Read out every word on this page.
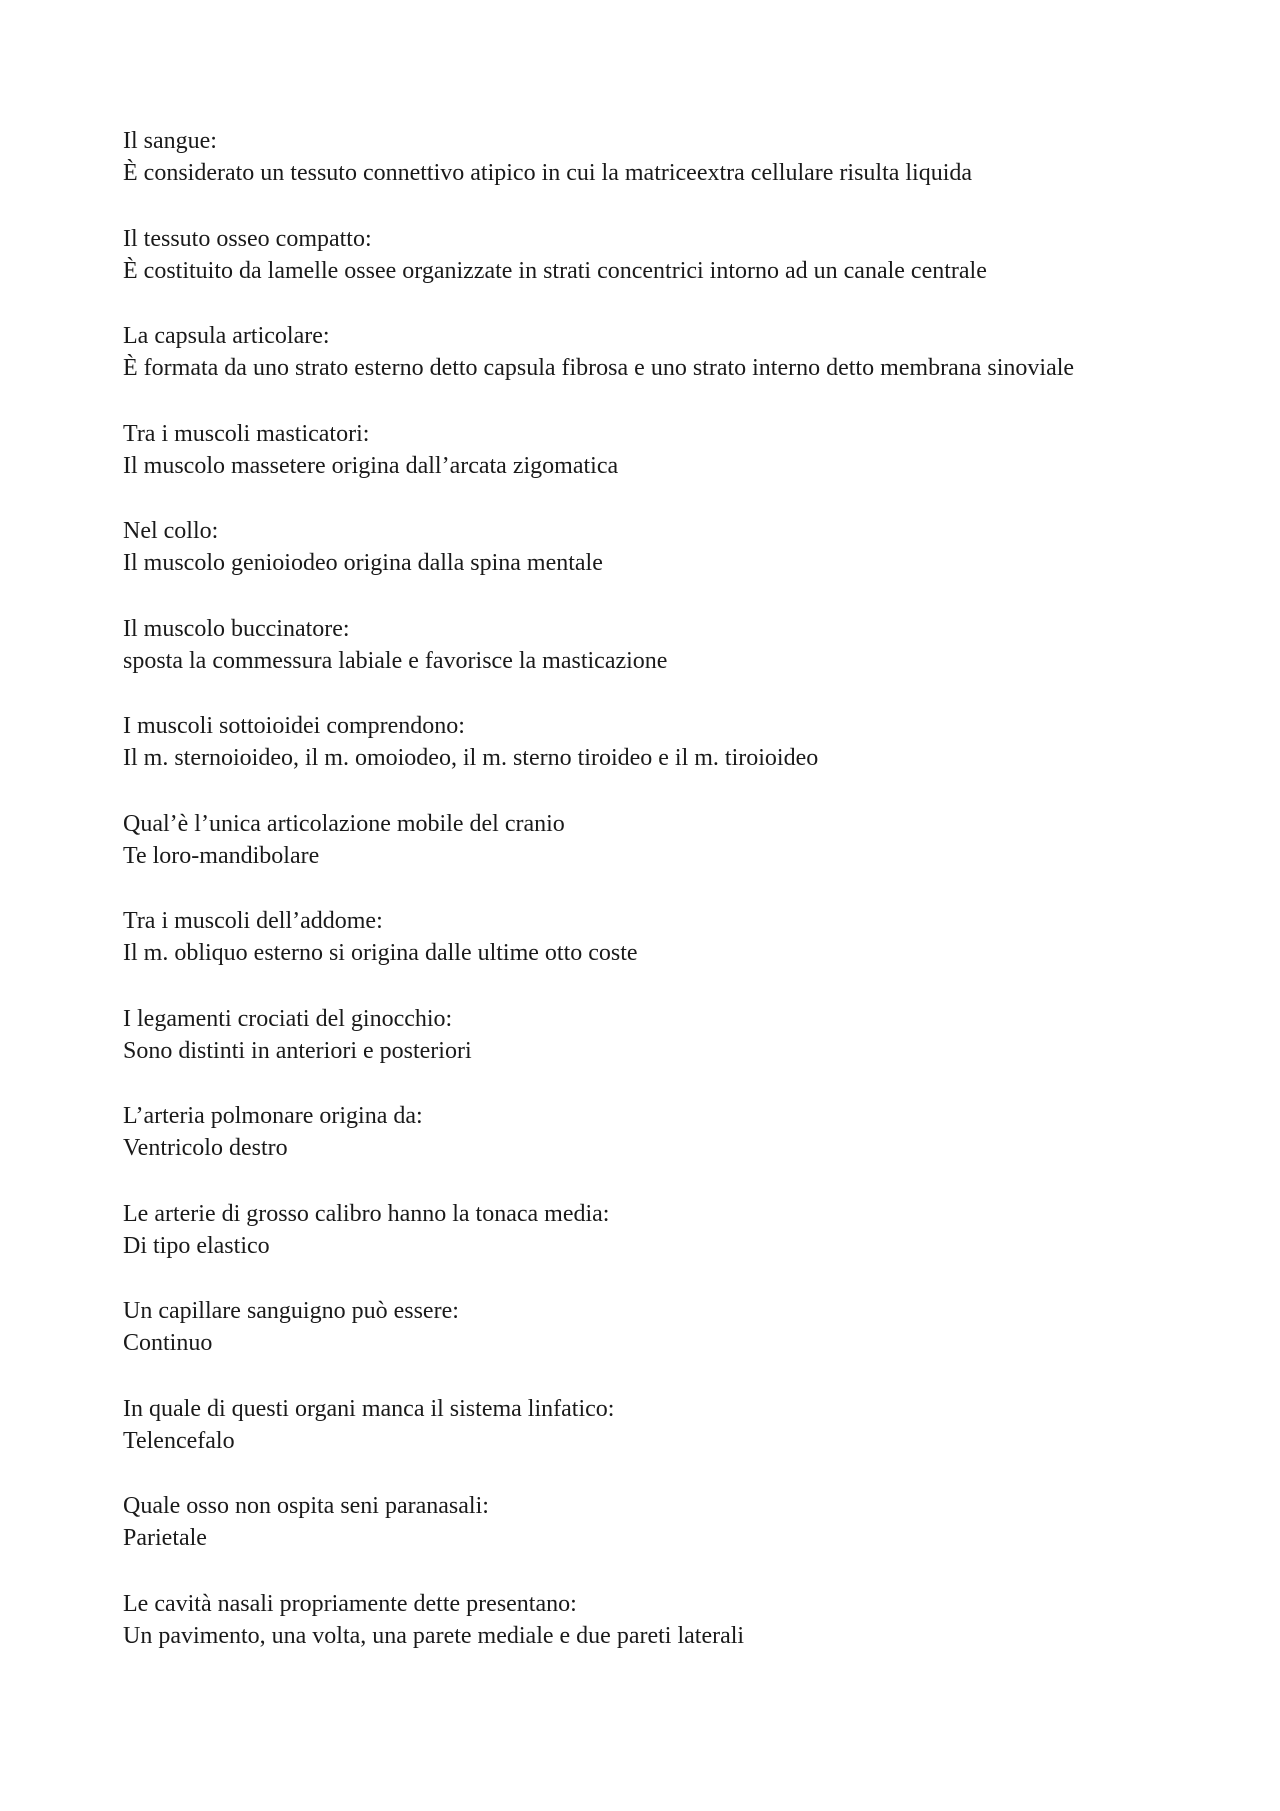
Il sangue:
È considerato un tessuto connettivo atipico in cui la matriceextra cellulare risulta liquida
Il tessuto osseo compatto:
È costituito da lamelle ossee organizzate in strati concentrici intorno ad un canale centrale
La capsula articolare:
È formata da uno strato esterno detto capsula fibrosa e uno strato interno detto membrana sinoviale
Tra i muscoli masticatori:
Il muscolo massetere origina dall’arcata zigomatica
Nel collo:
Il muscolo genioiodeo origina dalla spina mentale
Il muscolo buccinatore:
sposta la commessura labiale e favorisce la masticazione
I muscoli sottoioidei comprendono:
Il m. sternoioideo, il m. omoiodeo, il m. sterno tiroideo e il m. tiroioideo
Qual’è l’unica articolazione mobile del cranio
Te loro-mandibolare
Tra i muscoli dell’addome:
Il m. obliquo esterno si origina dalle ultime otto coste
I legamenti crociati del ginocchio:
Sono distinti in anteriori e posteriori
L’arteria polmonare origina da:
Ventricolo destro
Le arterie di grosso calibro hanno la tonaca media:
Di tipo elastico
Un capillare sanguigno può essere:
Continuo
In quale di questi organi manca il sistema linfatico:
Telencefalo
Quale osso non ospita seni paranasali:
Parietale
Le cavità nasali propriamente dette presentano:
Un pavimento, una volta, una parete mediale e due pareti laterali
